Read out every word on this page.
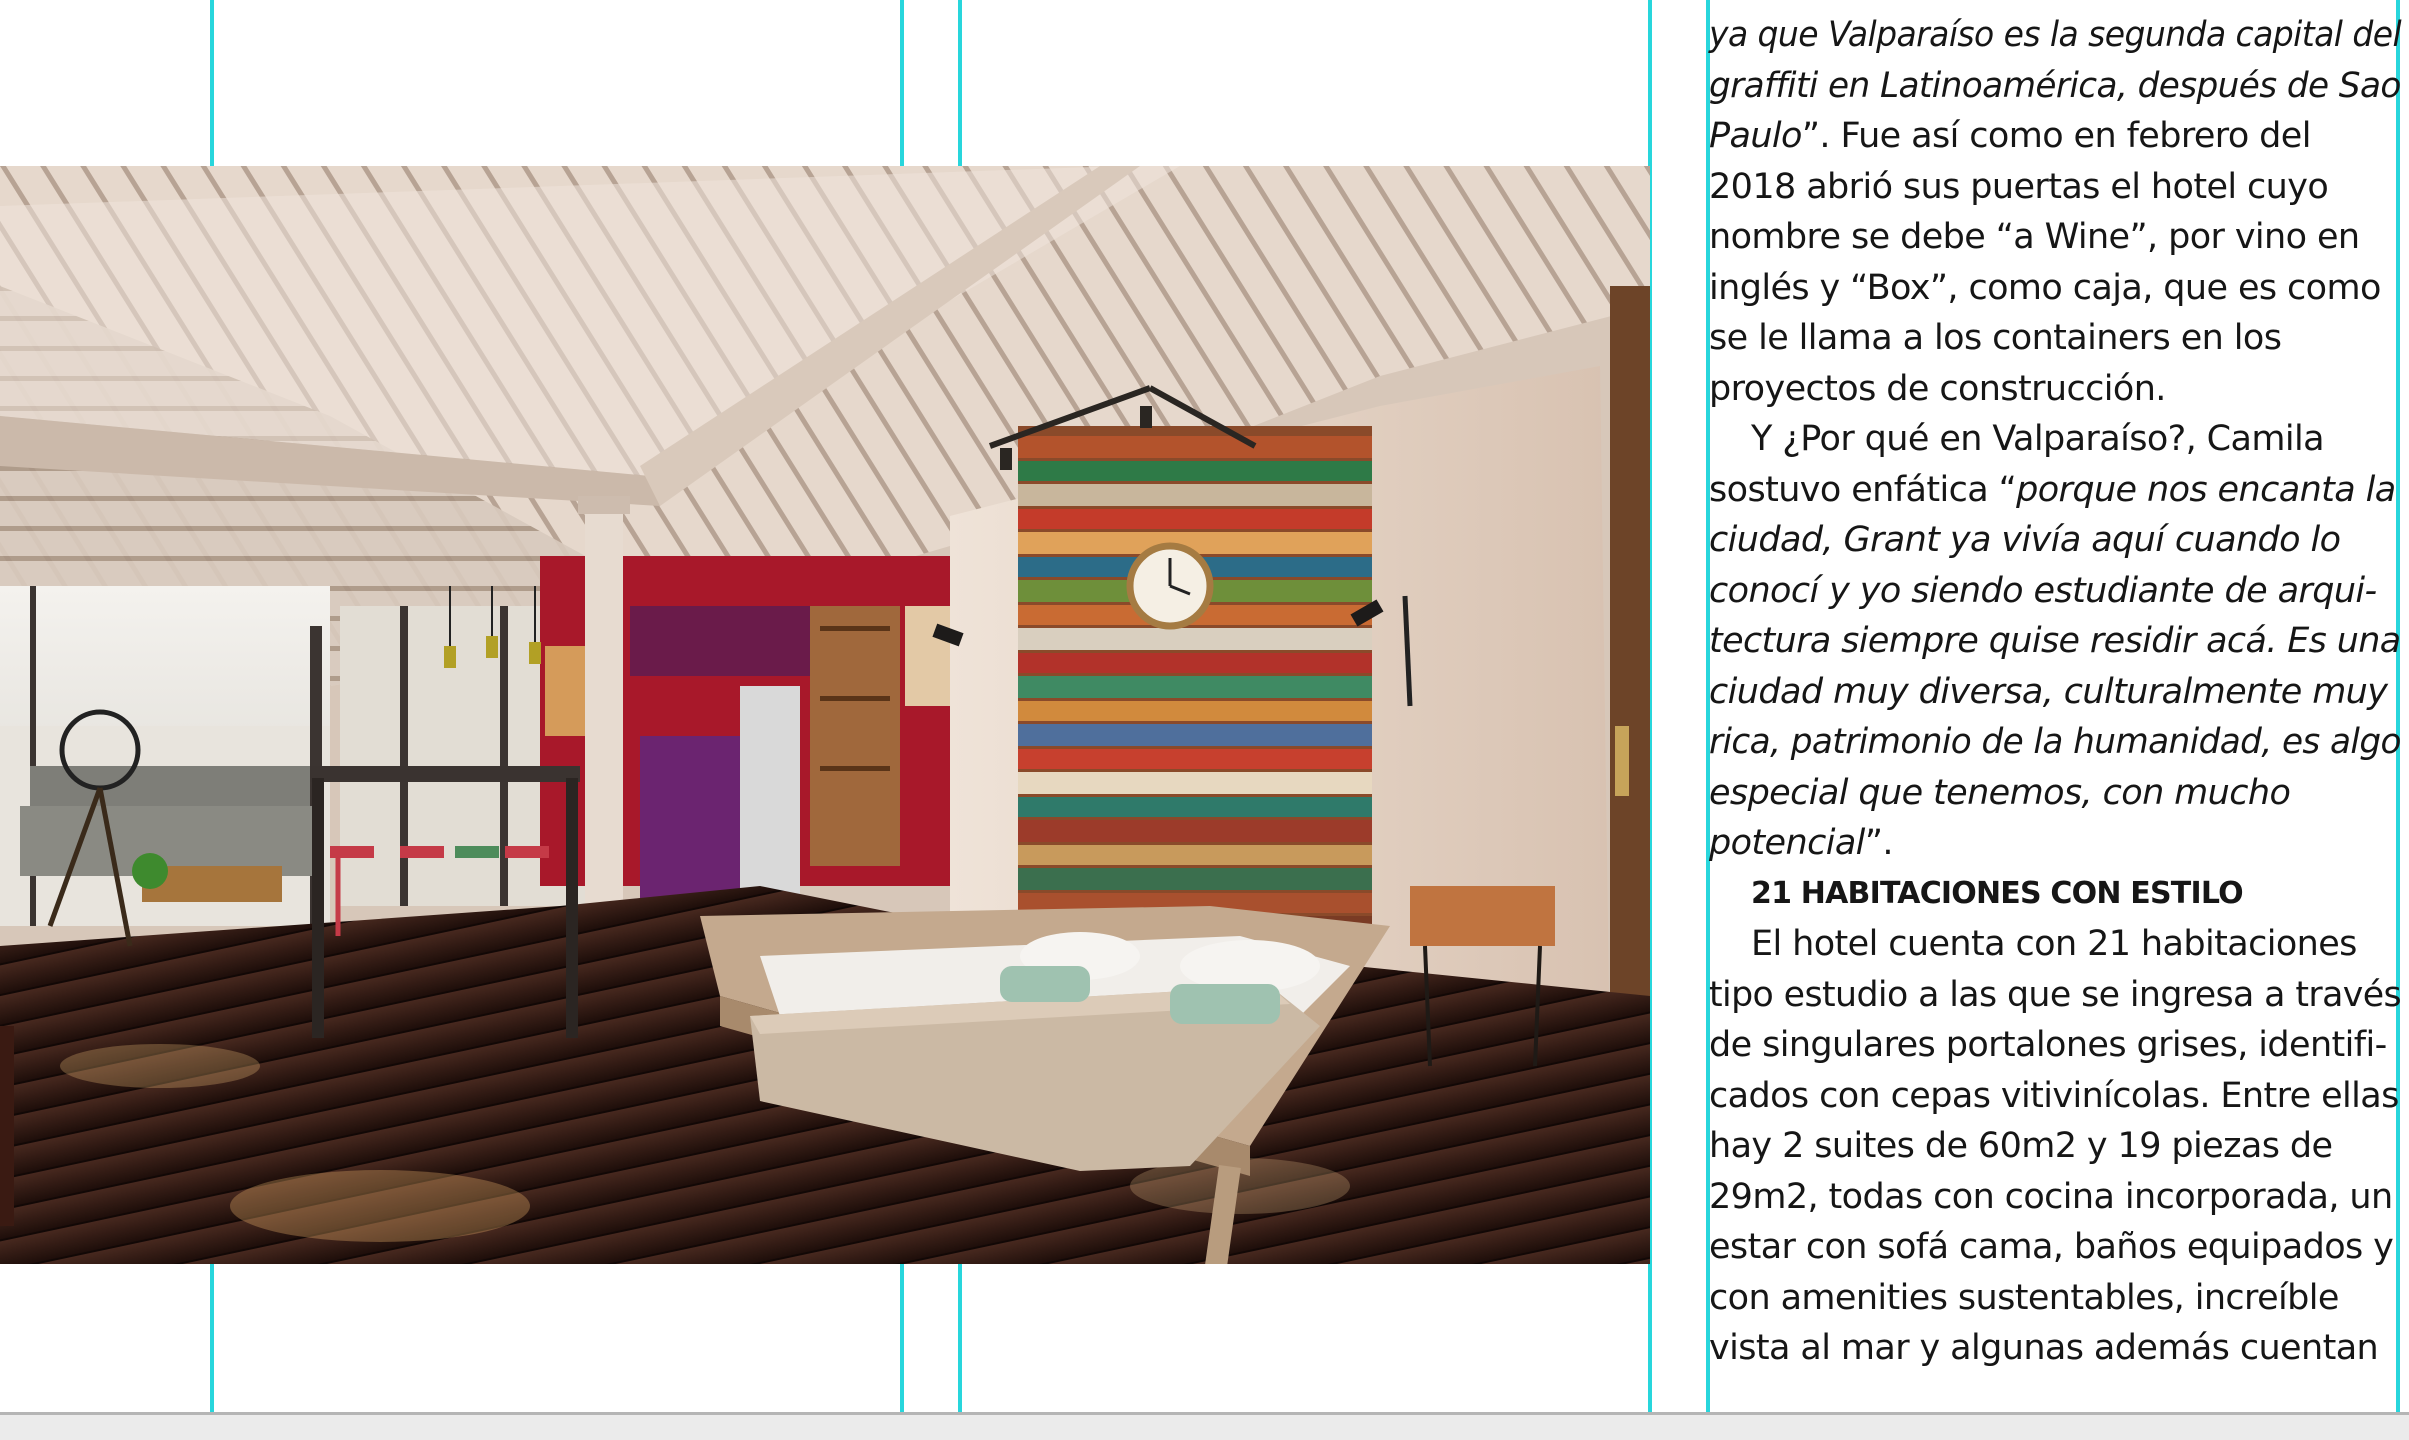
ya que Valparaíso es la segunda capital del
graffiti en Latinoamérica, después de Sao
Paulo”. Fue así como en febrero del
2018 abrió sus puertas el hotel cuyo
nombre se debe “a Wine”, por vino en
inglés y “Box”, como caja, que es como
se le llama a los containers en los
proyectos de construcción.
Y ¿Por qué en Valparaíso?, Camila
sostuvo enfática “porque nos encanta la
ciudad, Grant ya vivía aquí cuando lo
conocí y yo siendo estudiante de arqui-
tectura siempre quise residir acá. Es una
ciudad muy diversa, culturalmente muy
rica, patrimonio de la humanidad, es algo
especial que tenemos, con mucho
potencial”.
21 HABITACIONES CON ESTILO
El hotel cuenta con 21 habitaciones
tipo estudio a las que se ingresa a través
de singulares portalones grises, identifi-
cados con cepas vitivinícolas. Entre ellas
hay 2 suites de 60m2 y 19 piezas de
29m2, todas con cocina incorporada, un
estar con sofá cama, baños equipados y
con amenities sustentables, increíble
vista al mar y algunas además cuentan
